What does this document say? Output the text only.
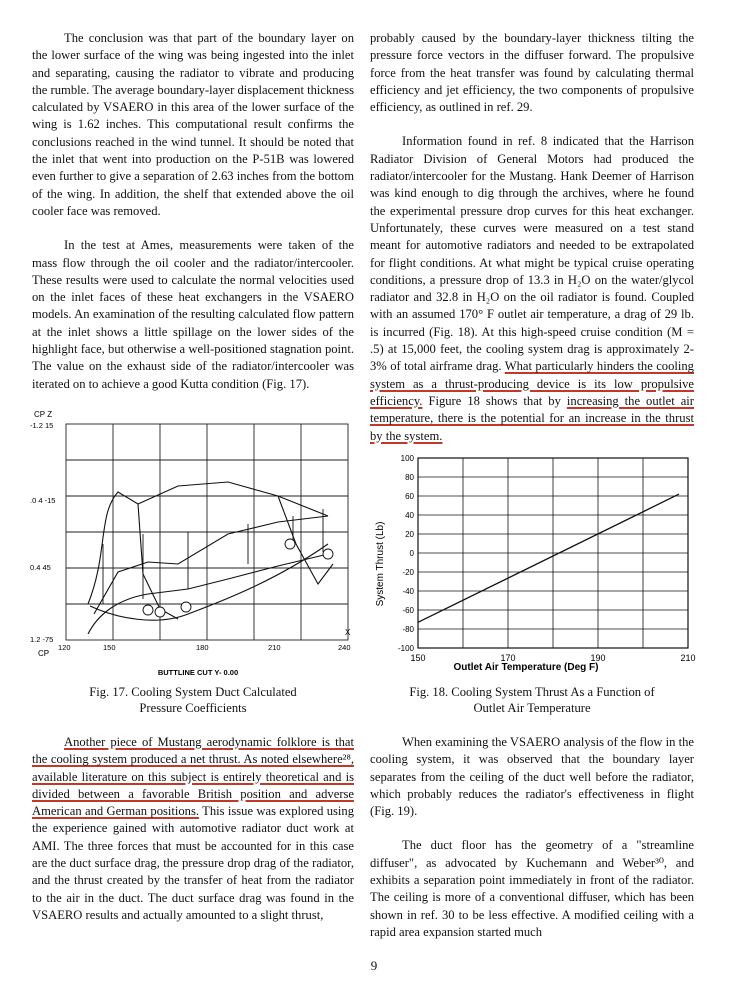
The conclusion was that part of the boundary layer on the lower surface of the wing was being ingested into the inlet and separating, causing the radiator to vibrate and producing the rumble. The average boundary-layer displacement thickness calculated by VSAERO in this area of the lower surface of the wing is 1.62 inches. This computational result confirms the conclusions reached in the wind tunnel. It should be noted that the inlet that went into production on the P-51B was lowered even further to give a separation of 2.63 inches from the bottom of the wing. In addition, the shelf that extended above the oil cooler face was removed.

In the test at Ames, measurements were taken of the mass flow through the oil cooler and the radiator/intercooler. These results were used to calculate the normal velocities used on the inlet faces of these heat exchangers in the VSAERO models. An examination of the resulting calculated flow pattern at the inlet shows a little spillage on the lower sides of the highlight face, but otherwise a well-positioned stagnation point. The value on the exhaust side of the radiator/intercooler was iterated on to achieve a good Kutta condition (Fig. 17).

CP Z
-1.2 15
.0 4 -15
0.4 45
1.2 -75
CP
X
120	150	180	210	240
BUTTLINE CUT Y- 0.00
Fig. 17. Cooling System Duct Calculated
Pressure Coefficients

Another piece of Mustang aerodynamic folklore is that the cooling system produced a net thrust. As noted elsewhere²⁸, available literature on this subject is entirely theoretical and is divided between a favorable British position and adverse American and German positions. This issue was explored using the experience gained with automotive radiator duct work at AMI. The three forces that must be accounted for in this case are the duct surface drag, the pressure drop drag of the radiator, and the thrust created by the transfer of heat from the radiator to the air in the duct. The duct surface drag was found in the VSAERO results and actually amounted to a slight thrust,

probably caused by the boundary-layer thickness tilting the pressure force vectors in the diffuser forward. The propulsive force from the heat transfer was found by calculating thermal efficiency and jet efficiency, the two components of propulsive efficiency, as outlined in ref. 29.

Information found in ref. 8 indicated that the Harrison Radiator Division of General Motors had produced the radiator/intercooler for the Mustang. Hank Deemer of Harrison was kind enough to dig through the archives, where he found the experimental pressure drop curves for this heat exchanger. Unfortunately, these curves were measured on a test stand meant for automotive radiators and needed to be extrapolated for flight conditions. At what might be typical cruise operating conditions, a pressure drop of 13.3 in H₂O on the water/glycol radiator and 32.8 in H₂O on the oil radiator is found. Coupled with an assumed 170° F outlet air temperature, a drag of 29 lb. is incurred (Fig. 18). At this high-speed cruise condition (M = .5) at 15,000 feet, the cooling system drag is approximately 2-3% of total airframe drag. What particularly hinders the cooling system as a thrust-producing device is its low propulsive efficiency. Figure 18 shows that by increasing the outlet air temperature, there is the potential for an increase in the thrust by the system.

System Thrust (Lb)
Outlet Air Temperature (Deg F)
100
80
60
40
20
0
-20
-40
-60
-80
-100
150	170	190	210
Fig. 18. Cooling System Thrust As a Function of
Outlet Air Temperature

When examining the VSAERO analysis of the flow in the cooling system, it was observed that the boundary layer separates from the ceiling of the duct well before the radiator, which probably reduces the radiator's effectiveness in flight (Fig. 19).

The duct floor has the geometry of a "streamline diffuser", as advocated by Kuchemann and Weber³⁰, and exhibits a separation point immediately in front of the radiator. The ceiling is more of a conventional diffuser, which has been shown in ref. 30 to be less effective. A modified ceiling with a rapid area expansion started much

9
